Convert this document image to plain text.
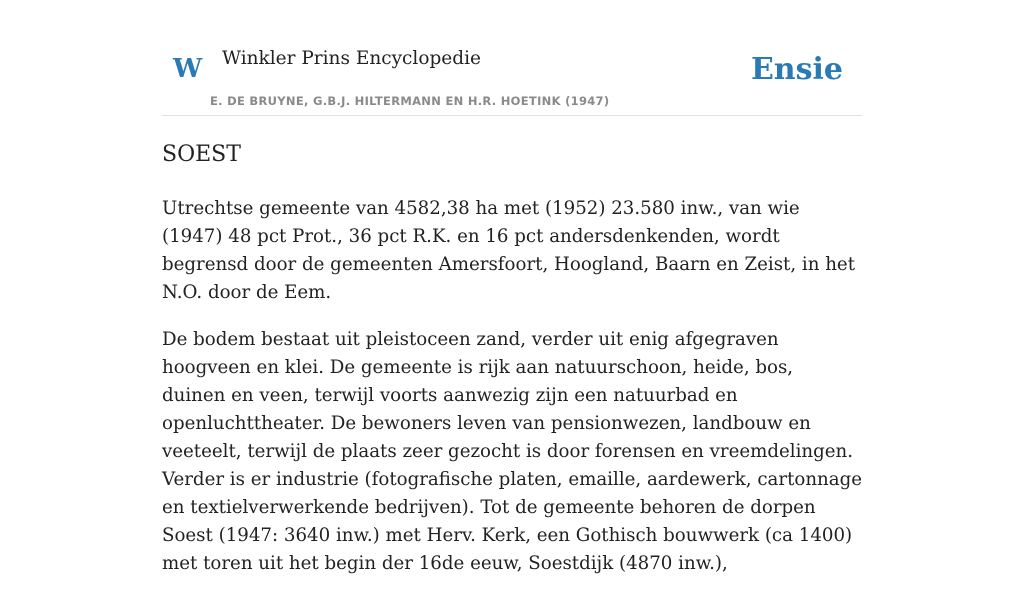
W Winkler Prins Encyclopedie
E. DE BRUYNE, G.B.J. HILTERMANN EN H.R. HOETINK (1947)
Ensie
SOEST

Utrechtse gemeente van 4582,38 ha met (1952) 23.580 inw., van wie (1947) 48 pct Prot., 36 pct R.K. en 16 pct andersdenkenden, wordt begrensd door de gemeenten Amersfoort, Hoogland, Baarn en Zeist, in het N.O. door de Eem.

De bodem bestaat uit pleistoceen zand, verder uit enig afgegraven hoogveen en klei. De gemeente is rijk aan natuurschoon, heide, bos, duinen en veen, terwijl voorts aanwezig zijn een natuurbad en openluchttheater. De bewoners leven van pensionwezen, landbouw en veeteelt, terwijl de plaats zeer gezocht is door forensen en vreemdelingen. Verder is er industrie (fotografische platen, emaille, aardewerk, cartonnage en textielverwerkende bedrijven). Tot de gemeente behoren de dorpen Soest (1947: 3640 inw.) met Herv. Kerk, een Gothisch bouwwerk (ca 1400) met toren uit het begin der 16de eeuw, Soestdijk (4870 inw.),
